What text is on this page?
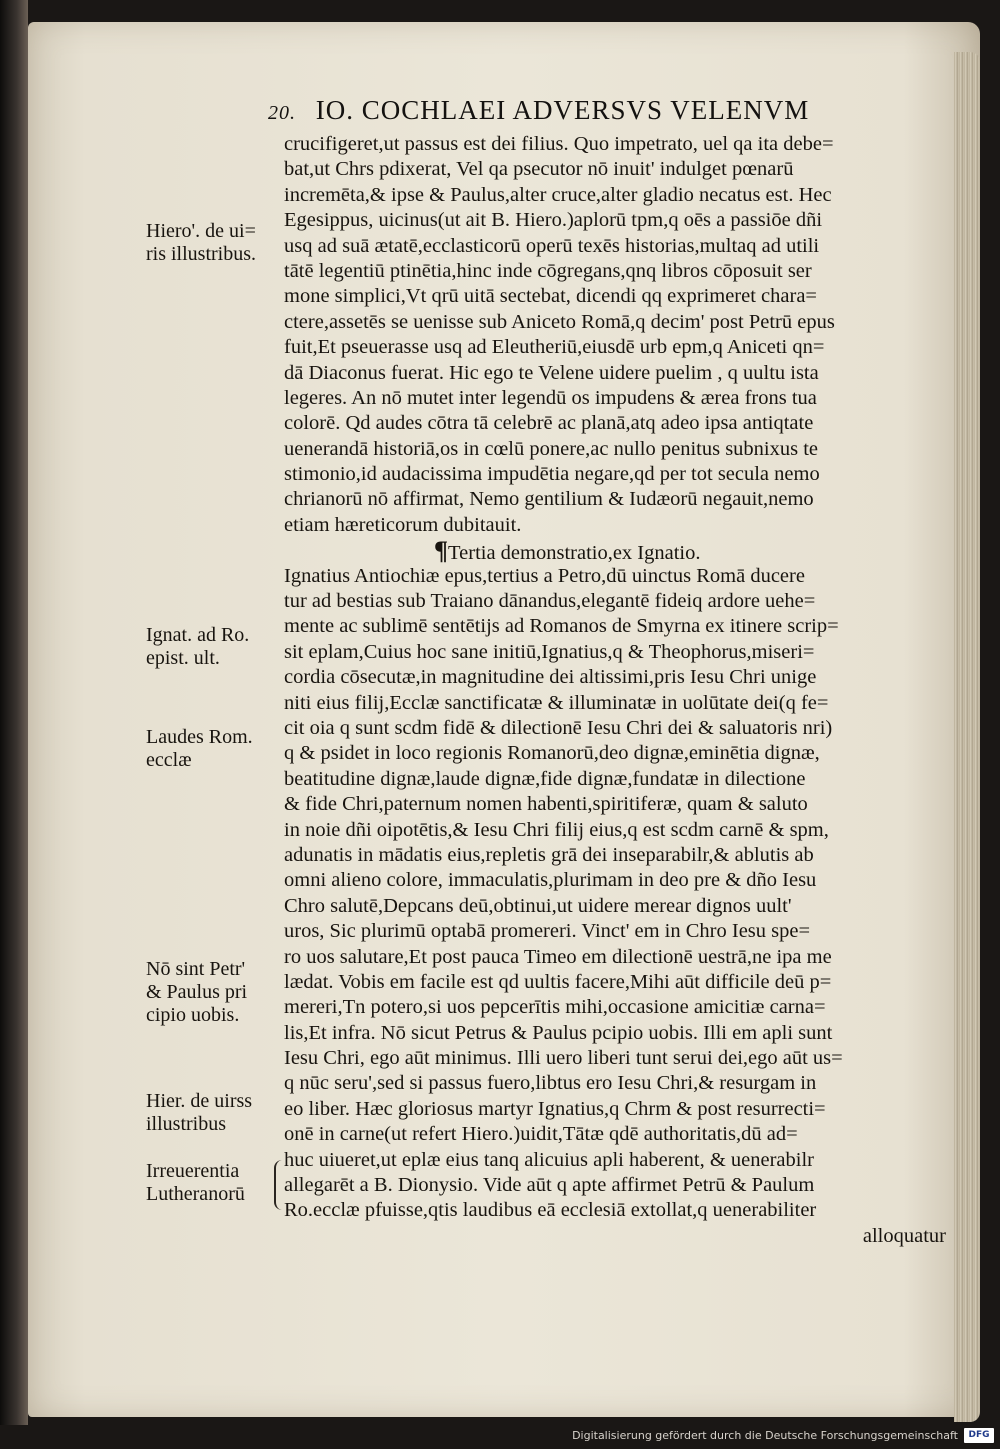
20. IO. COCHLAEI ADVERSVS VELENVM
crucifigeret,ut passus est dei filius. Quo impetrato, uel qa ita debe=
bat,ut Chrs pdixerat, Vel qa psecutor nō inuit' indulget pœnarū
incremēta,& ipse & Paulus,alter cruce,alter gladio necatus est. Hec
Egesippus, uicinus(ut ait B. Hiero.)aplorū tpm,q oēs a passiōe dñi
usq ad suā ætatē,ecclasticorū operū texēs historias,multaq ad utili
tātē legentiū ptinētia,hinc inde cōgregans,qnq libros cōposuit ser
mone simplici,Vt qrū uitā sectebat, dicendi qq exprimeret chara=
ctere,assetēs se uenisse sub Aniceto Romā,q decim' post Petrū epus
fuit,Et pseuerasse usq ad Eleutheriū,eiusdē urb epm,q Aniceti qn=
dā Diaconus fuerat. Hic ego te Velene uidere puelim , q uultu ista
legeres. An nō mutet inter legendū os impudens & ærea frons tua
colorē. Qd audes cōtra tā celebrē ac planā,atq adeo ipsa antiqtate
uenerandā historiā,os in cœlū ponere,ac nullo penitus subnixus te
stimonio,id audacissima impudētia negare,qd per tot secula nemo
chrianorū nō affirmat, Nemo gentilium & Iudæorū negauit,nemo
etiam hæreticorum dubitauit.
¶Tertia demonstratio,ex Ignatio.
Ignatius Antiochiæ epus,tertius a Petro,dū uinctus Romā ducere
tur ad bestias sub Traiano dānandus,elegantē fideiq ardore uehe=
mente ac sublimē sentētijs ad Romanos de Smyrna ex itinere scrip=
sit eplam,Cuius hoc sane initiū,Ignatius,q & Theophorus,miseri=
cordia cōsecutæ,in magnitudine dei altissimi,pris Iesu Chri unige
niti eius filij,Ecclæ sanctificatæ & illuminatæ in uolūtate dei(q fe=
cit oia q sunt scdm fidē & dilectionē Iesu Chri dei & saluatoris nri)
q & psidet in loco regionis Romanorū,deo dignæ,eminētia dignæ,
beatitudine dignæ,laude dignæ,fide dignæ,fundatæ in dilectione
& fide Chri,paternum nomen habenti,spiritiferæ, quam & saluto
in noie dñi oipotētis,& Iesu Chri filij eius,q est scdm carnē & spm,
adunatis in mādatis eius,repletis grā dei inseparabilr,& ablutis ab
omni alieno colore, immaculatis,plurimam in deo pre & dño Iesu
Chro salutē,Depcans deū,obtinui,ut uidere merear dignos uult'
uros, Sic plurimū optabā promereri. Vinct' em in Chro Iesu spe=
ro uos salutare,Et post pauca Timeo em dilectionē uestrā,ne ipa me
lædat. Vobis em facile est qd uultis facere,Mihi aūt difficile deū p=
mereri,Tn potero,si uos pepcerītis mihi,occasione amicitiæ carna=
lis,Et infra. Nō sicut Petrus & Paulus pcipio uobis. Illi em apli sunt
Iesu Chri, ego aūt minimus. Illi uero liberi tunt serui dei,ego aūt us=
q nūc seru',sed si passus fuero,libtus ero Iesu Chri,& resurgam in
eo liber. Hæc gloriosus martyr Ignatius,q Chrm & post resurrecti=
onē in carne(ut refert Hiero.)uidit,Tātæ qdē authoritatis,dū ad=
huc uiueret,ut eplæ eius tanq alicuius apli haberent, & uenerabilr
allegarēt a B. Dionysio. Vide aūt q apte affirmet Petrū & Paulum
Ro.ecclæ pfuisse,qtis laudibus eā ecclesiā extollat,q uenerabiliter
alloquatur
Hiero'. de ui=
ris illustribus.
Ignat. ad Ro.
epist. ult.
Laudes Rom.
ecclæ
Nō sint Petr'
& Paulus pri
cipio uobis.
Hier. de uirss
illustribus
Irreuerentia
Lutheranorū
Digitalisierung gefördert durch die Deutsche Forschungsgemeinschaft	DFG
